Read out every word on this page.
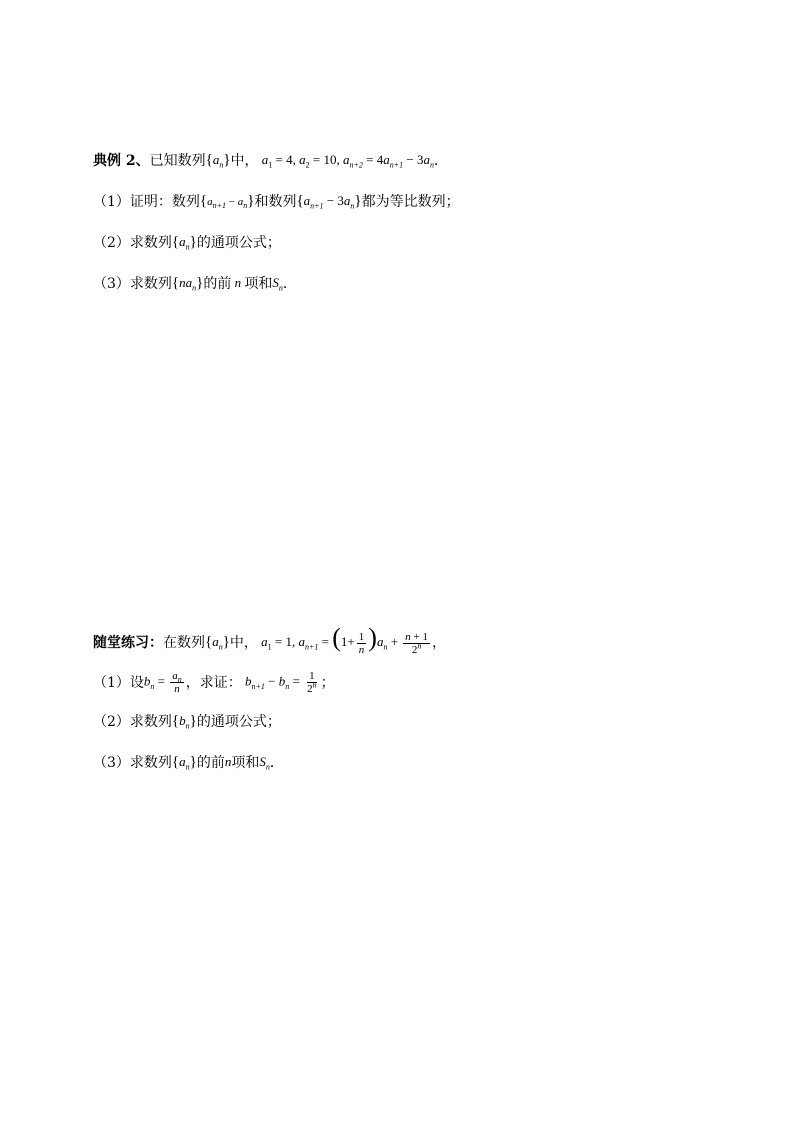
典例 2、 已知数列 $\{a_n\}$ 中， $a_1 = 4$, $a_2 = 10$, $a_{n+2} = 4a_{n+1} - 3a_n$ ．
（1） 证明：数列 $\{a_{n+1} - a_n\}$ 和数列 $\{a_{n+1} - 3a_n\}$ 都为等比数列；
（2） 求数列 $\{a_n\}$ 的通项公式；
（3） 求数列 $\{na_n\}$ 的前 n 项和 $S_n$ ．
随堂练习： 在数列 $\{a_n\}$ 中， $a_1 = 1$, $a_{n+1} = (1+ \frac{1}{n} )a_n + \frac{n + 1}{2^n}$ ，
（1） 设 $b_n = \frac{a_n}{n}$ ，求证： $b_{n+1} - b_n = \frac{1}{2^n}$ ；
（2） 求数列 $\{b_n\}$ 的通项公式；
（3） 求数列 $\{a_n\}$ 的前 n 项和 $S_n$ ．
